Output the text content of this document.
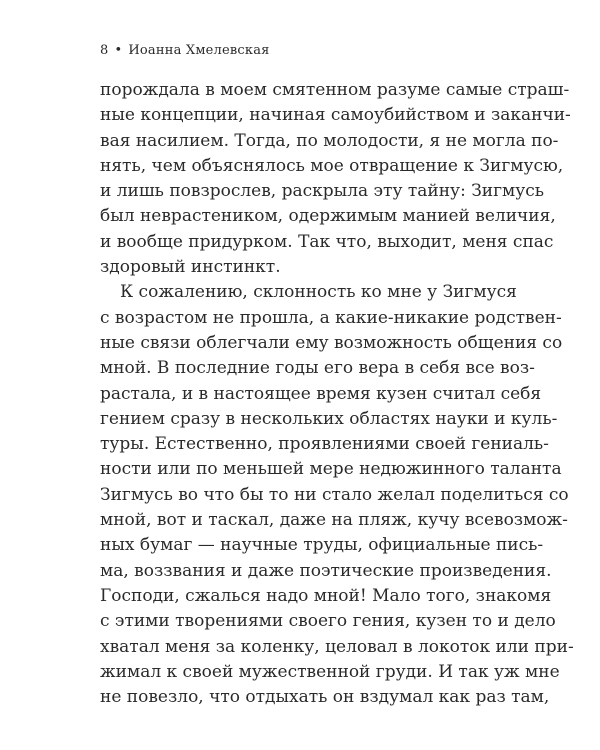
8 • Иоанна Хмелевская
порождала в моем смятенном разуме самые страш-
ные концепции, начиная самоубийством и заканчи-
вая насилием. Тогда, по молодости, я не могла по-
нять, чем объяснялось мое отвращение к Зигмусю,
и лишь повзрослев, раскрыла эту тайну: Зигмусь
был неврастеником, одержимым манией величия,
и вообще придурком. Так что, выходит, меня спас
здоровый инстинкт.
К сожалению, склонность ко мне у Зигмуся
с возрастом не прошла, а какие-никакие родствен-
ные связи облегчали ему возможность общения со
мной. В последние годы его вера в себя все воз-
растала, и в настоящее время кузен считал себя
гением сразу в нескольких областях науки и куль-
туры. Естественно, проявлениями своей гениаль-
ности или по меньшей мере недюжинного таланта
Зигмусь во что бы то ни стало желал поделиться со
мной, вот и таскал, даже на пляж, кучу всевозмож-
ных бумаг — научные труды, официальные пись-
ма, воззвания и даже поэтические произведения.
Господи, сжалься надо мной! Мало того, знакомя
с этими творениями своего гения, кузен то и дело
хватал меня за коленку, целовал в локоток или при-
жимал к своей мужественной груди. И так уж мне
не повезло, что отдыхать он вздумал как раз там,
